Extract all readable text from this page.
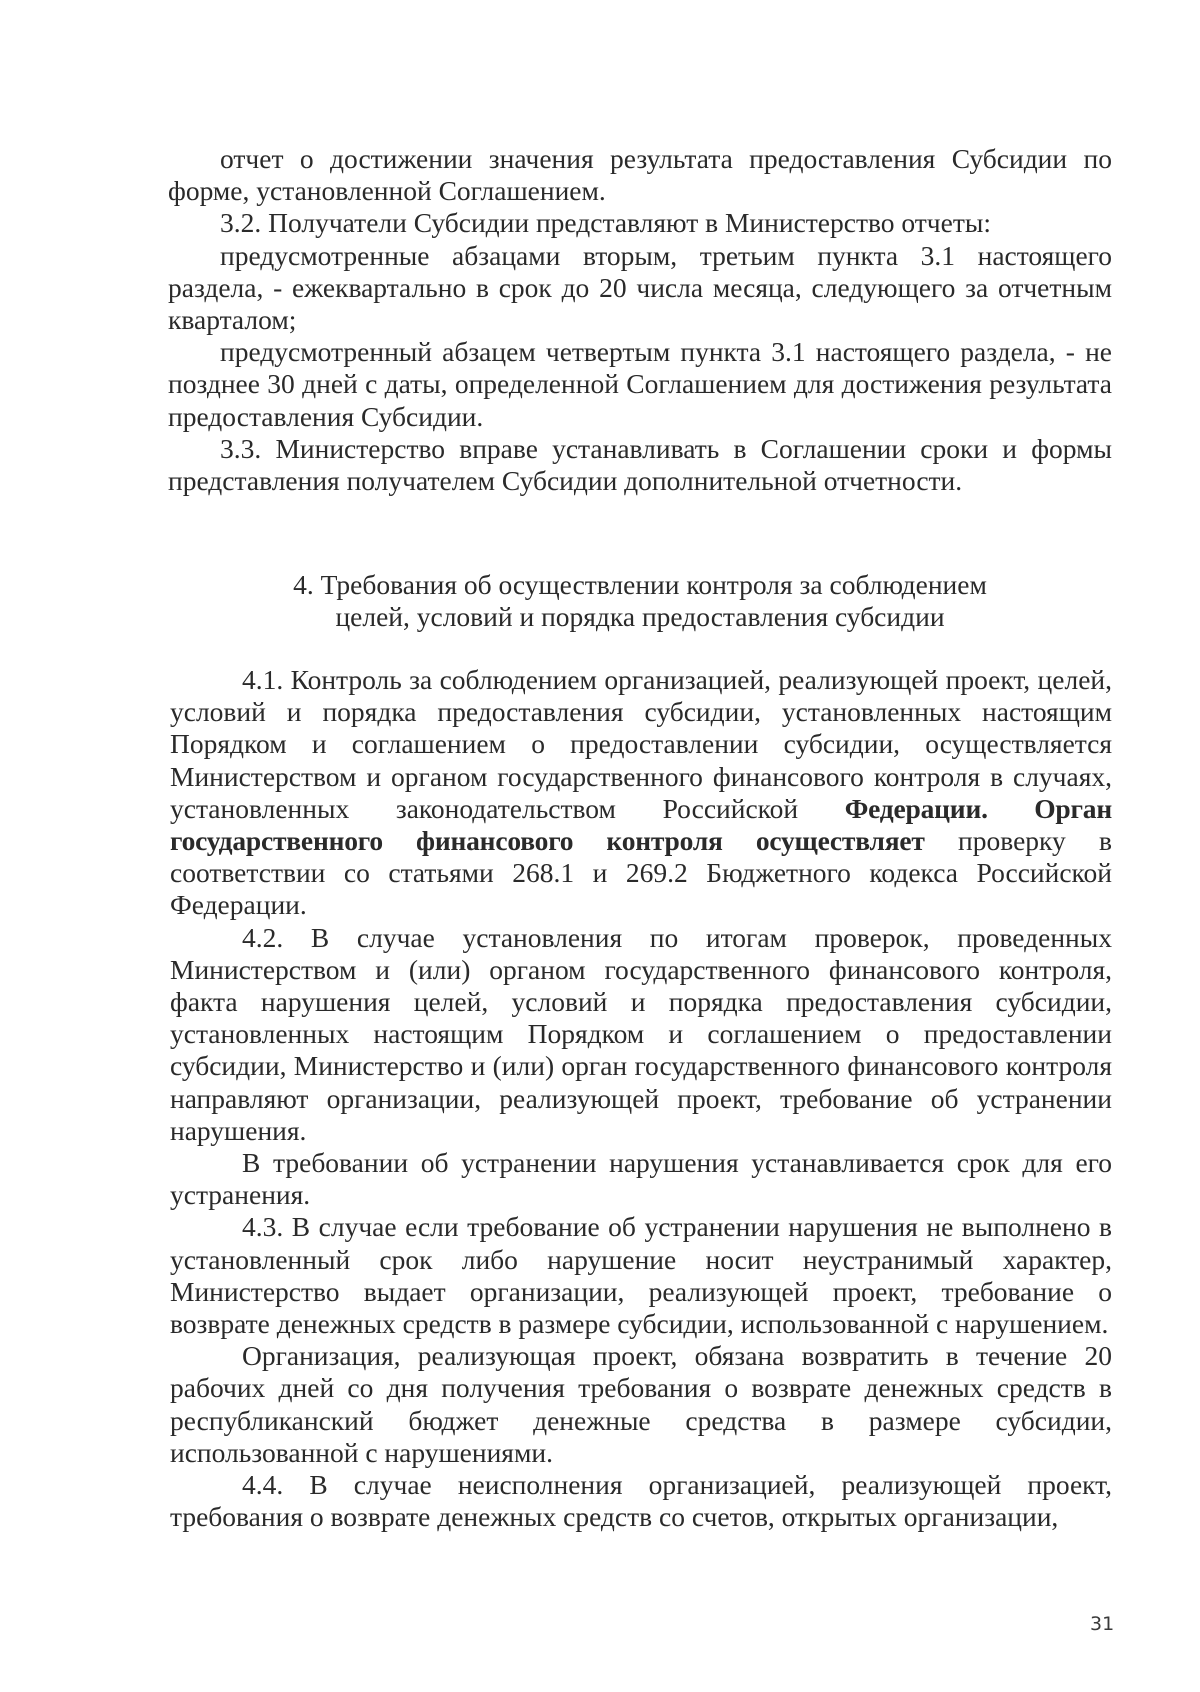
отчет о достижении значения результата предоставления Субсидии по форме, установленной Соглашением.

3.2. Получатели Субсидии представляют в Министерство отчеты:

предусмотренные абзацами вторым, третьим пункта 3.1 настоящего раздела, - ежеквартально в срок до 20 числа месяца, следующего за отчетным кварталом;

предусмотренный абзацем четвертым пункта 3.1 настоящего раздела, - не позднее 30 дней с даты, определенной Соглашением для достижения результата предоставления Субсидии.

3.3. Министерство вправе устанавливать в Соглашении сроки и формы представления получателем Субсидии дополнительной отчетности.

4. Требования об осуществлении контроля за соблюдением
целей, условий и порядка предоставления субсидии

4.1. Контроль за соблюдением организацией, реализующей проект, целей, условий и порядка предоставления субсидии, установленных настоящим Порядком и соглашением о предоставлении субсидии, осуществляется Министерством и органом государственного финансового контроля в случаях, установленных законодательством Российской Федерации. Орган государственного финансового контроля осуществляет проверку в соответствии со статьями 268.1 и 269.2 Бюджетного кодекса Российской Федерации.

4.2. В случае установления по итогам проверок, проведенных Министерством и (или) органом государственного финансового контроля, факта нарушения целей, условий и порядка предоставления субсидии, установленных настоящим Порядком и соглашением о предоставлении субсидии, Министерство и (или) орган государственного финансового контроля направляют организации, реализующей проект, требование об устранении нарушения.

В требовании об устранении нарушения устанавливается срок для его устранения.

4.3. В случае если требование об устранении нарушения не выполнено в установленный срок либо нарушение носит неустранимый характер, Министерство выдает организации, реализующей проект, требование о возврате денежных средств в размере субсидии, использованной с нарушением.

Организация, реализующая проект, обязана возвратить в течение 20 рабочих дней со дня получения требования о возврате денежных средств в республиканский бюджет денежные средства в размере субсидии, использованной с нарушениями.

4.4. В случае неисполнения организацией, реализующей проект, требования о возврате денежных средств со счетов, открытых организации,

31
